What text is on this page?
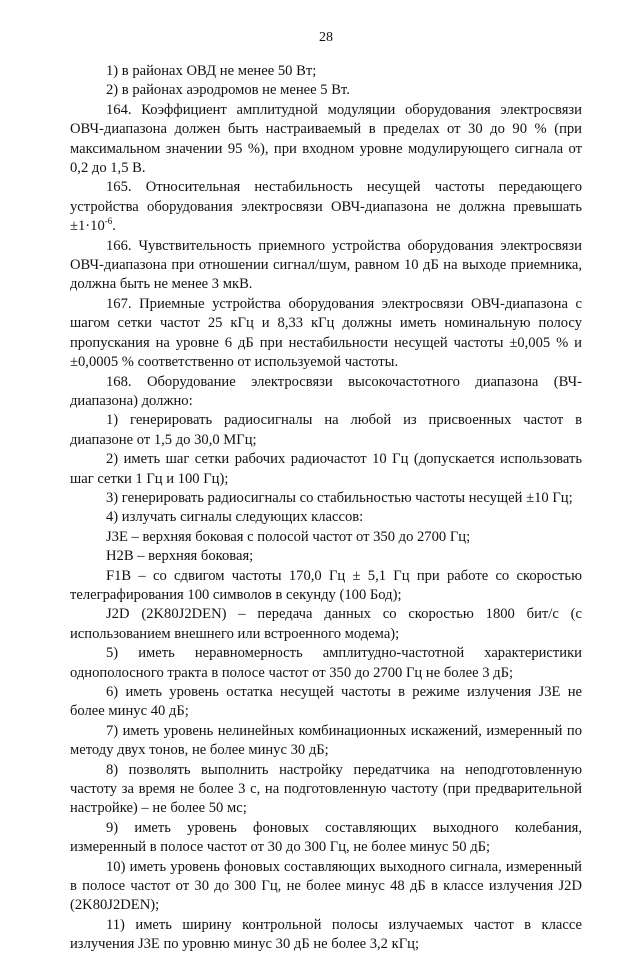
28

1) в районах ОВД не менее 50 Вт;

2) в районах аэродромов не менее 5 Вт.

164. Коэффициент амплитудной модуляции оборудования электросвязи ОВЧ-диапазона должен быть настраиваемый в пределах от 30 до 90 % (при максимальном значении 95 %), при входном уровне модулирующего сигнала от 0,2 до 1,5 В.

165. Относительная нестабильность несущей частоты передающего устройства оборудования электросвязи ОВЧ-диапазона не должна превышать $\pm 1\cdot 10^{-6}$.

166. Чувствительность приемного устройства оборудования электросвязи ОВЧ-диапазона при отношении сигнал/шум, равном 10 дБ на выходе приемника, должна быть не менее 3 мкВ.

167. Приемные устройства оборудования электросвязи ОВЧ-диапазона с шагом сетки частот 25 кГц и 8,33 кГц должны иметь номинальную полосу пропускания на уровне 6 дБ при нестабильности несущей частоты ±0,005 % и ±0,0005 % соответственно от используемой частоты.

168. Оборудование электросвязи высокочастотного диапазона (ВЧ-диапазона) должно:

1) генерировать радиосигналы на любой из присвоенных частот в диапазоне от 1,5 до 30,0 МГц;

2) иметь шаг сетки рабочих радиочастот 10 Гц (допускается использовать шаг сетки 1 Гц и 100 Гц);

3) генерировать радиосигналы со стабильностью частоты несущей ±10 Гц;

4) излучать сигналы следующих классов:

J3E – верхняя боковая с полосой частот от 350 до 2700 Гц;

H2B – верхняя боковая;

F1B – со сдвигом частоты 170,0 Гц ± 5,1 Гц при работе со скоростью телеграфирования 100 символов в секунду (100 Бод);

J2D (2K80J2DEN) – передача данных со скоростью 1800 бит/с (с использованием внешнего или встроенного модема);

5) иметь неравномерность амплитудно-частотной характеристики однополосного тракта в полосе частот от 350 до 2700 Гц не более 3 дБ;

6) иметь уровень остатка несущей частоты в режиме излучения J3E не более минус 40 дБ;

7) иметь уровень нелинейных комбинационных искажений, измеренный по методу двух тонов, не более минус 30 дБ;

8) позволять выполнить настройку передатчика на неподготовленную частоту за время не более 3 с, на подготовленную частоту (при предварительной настройке) – не более 50 мс;

9) иметь уровень фоновых составляющих выходного колебания, измеренный в полосе частот от 30 до 300 Гц, не более минус 50 дБ;

10) иметь уровень фоновых составляющих выходного сигнала, измеренный в полосе частот от 30 до 300 Гц, не более минус 48 дБ в классе излучения J2D (2K80J2DEN);

11) иметь ширину контрольной полосы излучаемых частот в классе излучения J3E по уровню минус 30 дБ не более 3,2 кГц;
